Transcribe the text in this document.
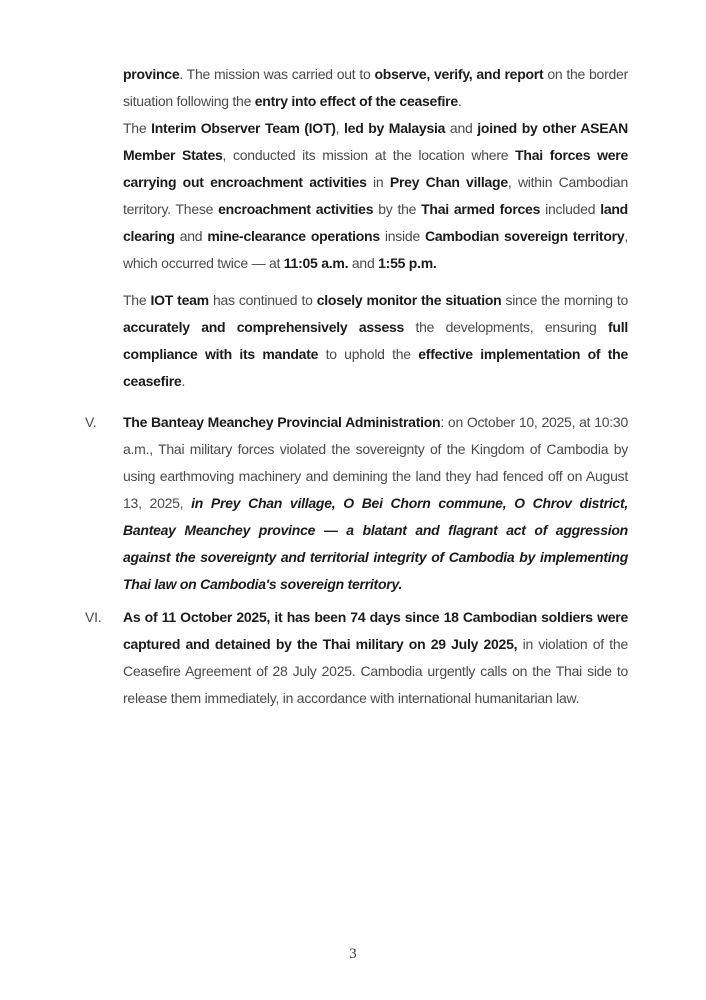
province. The mission was carried out to observe, verify, and report on the border situation following the entry into effect of the ceasefire.
The Interim Observer Team (IOT), led by Malaysia and joined by other ASEAN Member States, conducted its mission at the location where Thai forces were carrying out encroachment activities in Prey Chan village, within Cambodian territory. These encroachment activities by the Thai armed forces included land clearing and mine-clearance operations inside Cambodian sovereign territory, which occurred twice — at 11:05 a.m. and 1:55 p.m.
The IOT team has continued to closely monitor the situation since the morning to accurately and comprehensively assess the developments, ensuring full compliance with its mandate to uphold the effective implementation of the ceasefire.
V.	The Banteay Meanchey Provincial Administration: on October 10, 2025, at 10:30 a.m., Thai military forces violated the sovereignty of the Kingdom of Cambodia by using earthmoving machinery and demining the land they had fenced off on August 13, 2025, in Prey Chan village, O Bei Chorn commune, O Chrov district, Banteay Meanchey province — a blatant and flagrant act of aggression against the sovereignty and territorial integrity of Cambodia by implementing Thai law on Cambodia's sovereign territory.
VI.	As of 11 October 2025, it has been 74 days since 18 Cambodian soldiers were captured and detained by the Thai military on 29 July 2025, in violation of the Ceasefire Agreement of 28 July 2025. Cambodia urgently calls on the Thai side to release them immediately, in accordance with international humanitarian law.
3
